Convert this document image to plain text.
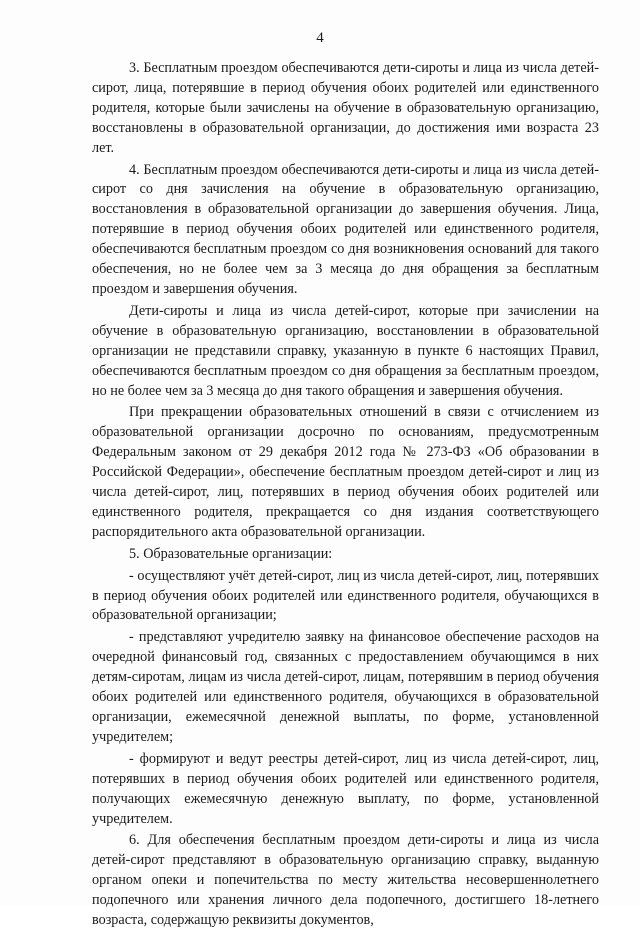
4

3. Бесплатным проездом обеспечиваются дети-сироты и лица из числа детей-сирот, лица, потерявшие в период обучения обоих родителей или единственного родителя, которые были зачислены на обучение в образовательную организацию, восстановлены в образовательной организации, до достижения ими возраста 23 лет.

4. Бесплатным проездом обеспечиваются дети-сироты и лица из числа детей-сирот со дня зачисления на обучение в образовательную организацию, восстановления в образовательной организации до завершения обучения. Лица, потерявшие в период обучения обоих родителей или единственного родителя, обеспечиваются бесплатным проездом со дня возникновения оснований для такого обеспечения, но не более чем за 3 месяца до дня обращения за бесплатным проездом и завершения обучения.

Дети-сироты и лица из числа детей-сирот, которые при зачислении на обучение в образовательную организацию, восстановлении в образовательной организации не представили справку, указанную в пункте 6 настоящих Правил, обеспечиваются бесплатным проездом со дня обращения за бесплатным проездом, но не более чем за 3 месяца до дня такого обращения и завершения обучения.

При прекращении образовательных отношений в связи с отчислением из образовательной организации досрочно по основаниям, предусмотренным Федеральным законом от 29 декабря 2012 года № 273-ФЗ «Об образовании в Российской Федерации», обеспечение бесплатным проездом детей-сирот и лиц из числа детей-сирот, лиц, потерявших в период обучения обоих родителей или единственного родителя, прекращается со дня издания соответствующего распорядительного акта образовательной организации.

5. Образовательные организации:

- осуществляют учёт детей-сирот, лиц из числа детей-сирот, лиц, потерявших в период обучения обоих родителей или единственного родителя, обучающихся в образовательной организации;

- представляют учредителю заявку на финансовое обеспечение расходов на очередной финансовый год, связанных с предоставлением обучающимся в них детям-сиротам, лицам из числа детей-сирот, лицам, потерявшим в период обучения обоих родителей или единственного родителя, обучающихся в образовательной организации, ежемесячной денежной выплаты, по форме, установленной учредителем;

- формируют и ведут реестры детей-сирот, лиц из числа детей-сирот, лиц, потерявших в период обучения обоих родителей или единственного родителя, получающих ежемесячную денежную выплату, по форме, установленной учредителем.

6. Для обеспечения бесплатным проездом дети-сироты и лица из числа детей-сирот представляют в образовательную организацию справку, выданную органом опеки и попечительства по месту жительства несовершеннолетнего подопечного или хранения личного дела подопечного, достигшего 18-летнего возраста, содержащую реквизиты документов,
